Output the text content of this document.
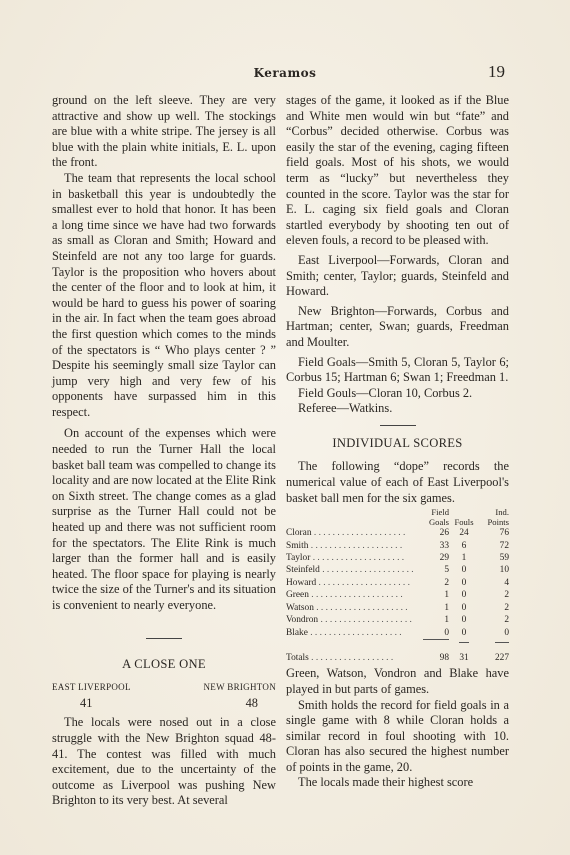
Keramos	19

ground on the left sleeve. They are very attractive and show up well. The stockings are blue with a white stripe. The jersey is all blue with the plain white initials, E. L. upon the front.

The team that represents the local school in basketball this year is undoubtedly the smallest ever to hold that honor. It has been a long time since we have had two forwards as small as Cloran and Smith; Howard and Steinfeld are not any too large for guards. Taylor is the proposition who hovers about the center of the floor and to look at him, it would be hard to guess his power of soaring in the air. In fact when the team goes abroad the first question which comes to the minds of the spectators is “ Who plays center ? ” Despite his seemingly small size Taylor can jump very high and very few of his opponents have surpassed him in this respect.

On account of the expenses which were needed to run the Turner Hall the local basket ball team was compelled to change its locality and are now located at the Elite Rink on Sixth street. The change comes as a glad surprise as the Turner Hall could not be heated up and there was not sufficient room for the spectators. The Elite Rink is much larger than the former hall and is easily heated. The floor space for playing is nearly twice the size of the Turner's and its situation is convenient to nearly everyone.

A CLOSE ONE
EAST LIVERPOOL	NEW BRIGHTON
41	48

The locals were nosed out in a close struggle with the New Brighton squad 48-41. The contest was filled with much excitement, due to the uncertainty of the outcome as Liverpool was pushing New Brighton to its very best. At several

stages of the game, it looked as if the Blue and White men would win but “fate” and “Corbus” decided otherwise. Corbus was easily the star of the evening, caging fifteen field goals. Most of his shots, we would term as “lucky” but nevertheless they counted in the score. Taylor was the star for E. L. caging six field goals and Cloran startled everybody by shooting ten out of eleven fouls, a record to be pleased with.

East Liverpool—Forwards, Cloran and Smith; center, Taylor; guards, Steinfeld and Howard.

New Brighton—Forwards, Corbus and Hartman; center, Swan; guards, Freedman and Moulter.

Field Goals—Smith 5, Cloran 5, Taylor 6; Corbus 15; Hartman 6; Swan 1; Freedman 1.

Field Gouls—Cloran 10, Corbus 2.

Referee—Watkins.

INDIVIDUAL SCORES

The following “dope” records the numerical value of each of East Liverpool's basket ball men for the six games.

	Field
Goals	Fouls	Ind.
Points
Cloran . . . . . . . . . . . . . . . . . . . .	26	24	76
Smith . . . . . . . . . . . . . . . . . . . .	33	6	72
Taylor . . . . . . . . . . . . . . . . . . . .	29	1	59
Steinfeld . . . . . . . . . . . . . . . . . . . .	5	0	10
Howard . . . . . . . . . . . . . . . . . . . .	2	0	4
Green . . . . . . . . . . . . . . . . . . . .	1	0	2
Watson . . . . . . . . . . . . . . . . . . . .	1	0	2
Vondron . . . . . . . . . . . . . . . . . . . .	1	0	2
Blake . . . . . . . . . . . . . . . . . . . .	0	0	0

Totals . . . . . . . . . . . . . . . . . .	98	31	227

Green, Watson, Vondron and Blake have played in but parts of games.

Smith holds the record for field goals in a single game with 8 while Cloran holds a similar record in foul shooting with 10. Cloran has also secured the highest number of points in the game, 20.

The locals made their highest score
